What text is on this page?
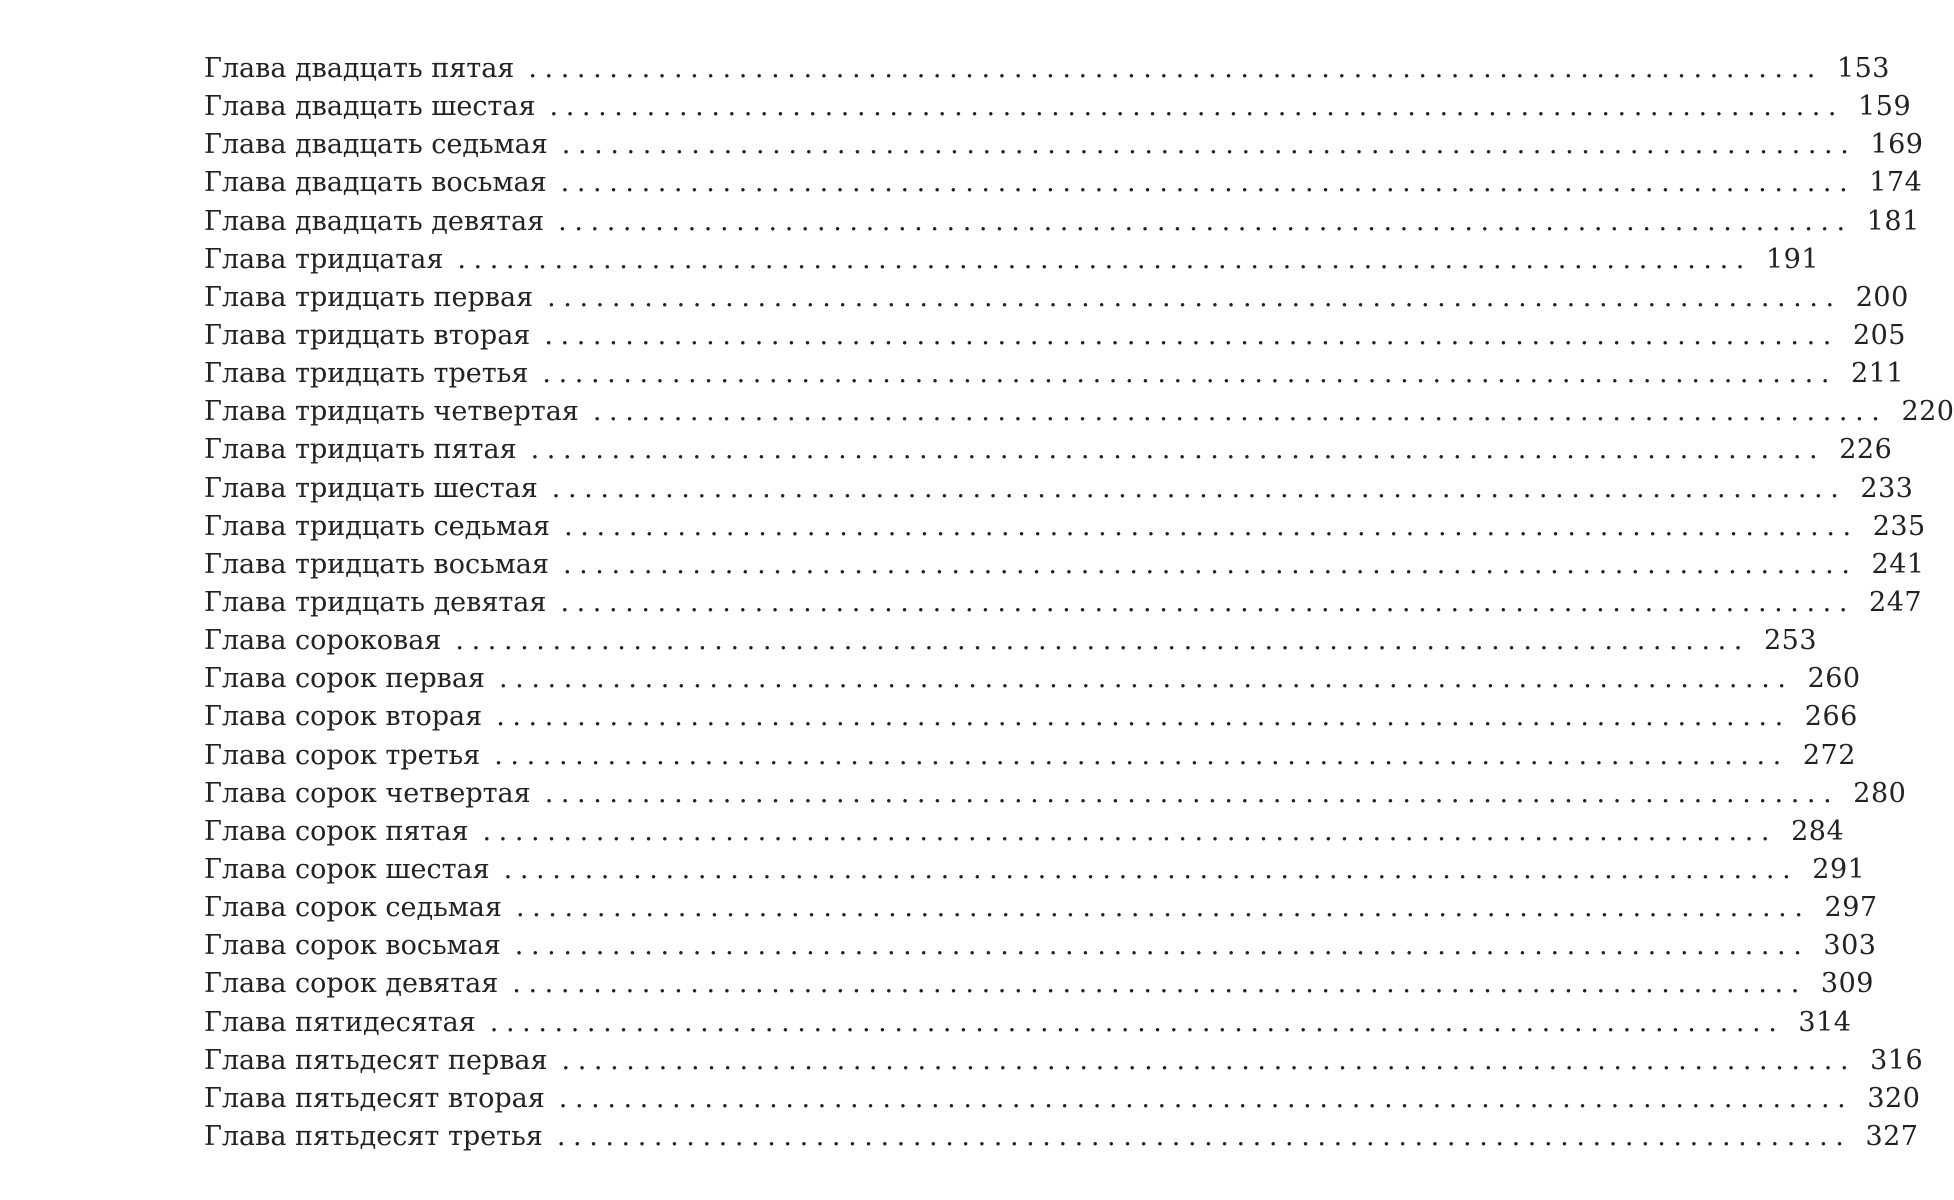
Глава двадцать пятая ................................................................................ 153
Глава двадцать шестая ................................................................................ 159
Глава двадцать седьмая ................................................................................ 169
Глава двадцать восьмая ................................................................................ 174
Глава двадцать девятая ................................................................................ 181
Глава тридцатая ................................................................................ 191
Глава тридцать первая ................................................................................ 200
Глава тридцать вторая ................................................................................ 205
Глава тридцать третья ................................................................................ 211
Глава тридцать четвертая ................................................................................ 220
Глава тридцать пятая ................................................................................ 226
Глава тридцать шестая ................................................................................ 233
Глава тридцать седьмая ................................................................................ 235
Глава тридцать восьмая ................................................................................ 241
Глава тридцать девятая ................................................................................ 247
Глава сороковая ................................................................................ 253
Глава сорок первая ................................................................................ 260
Глава сорок вторая ................................................................................ 266
Глава сорок третья ................................................................................ 272
Глава сорок четвертая ................................................................................ 280
Глава сорок пятая ................................................................................ 284
Глава сорок шестая ................................................................................ 291
Глава сорок седьмая ................................................................................ 297
Глава сорок восьмая ................................................................................ 303
Глава сорок девятая ................................................................................ 309
Глава пятидесятая ................................................................................ 314
Глава пятьдесят первая ................................................................................ 316
Глава пятьдесят вторая ................................................................................ 320
Глава пятьдесят третья ................................................................................ 327
